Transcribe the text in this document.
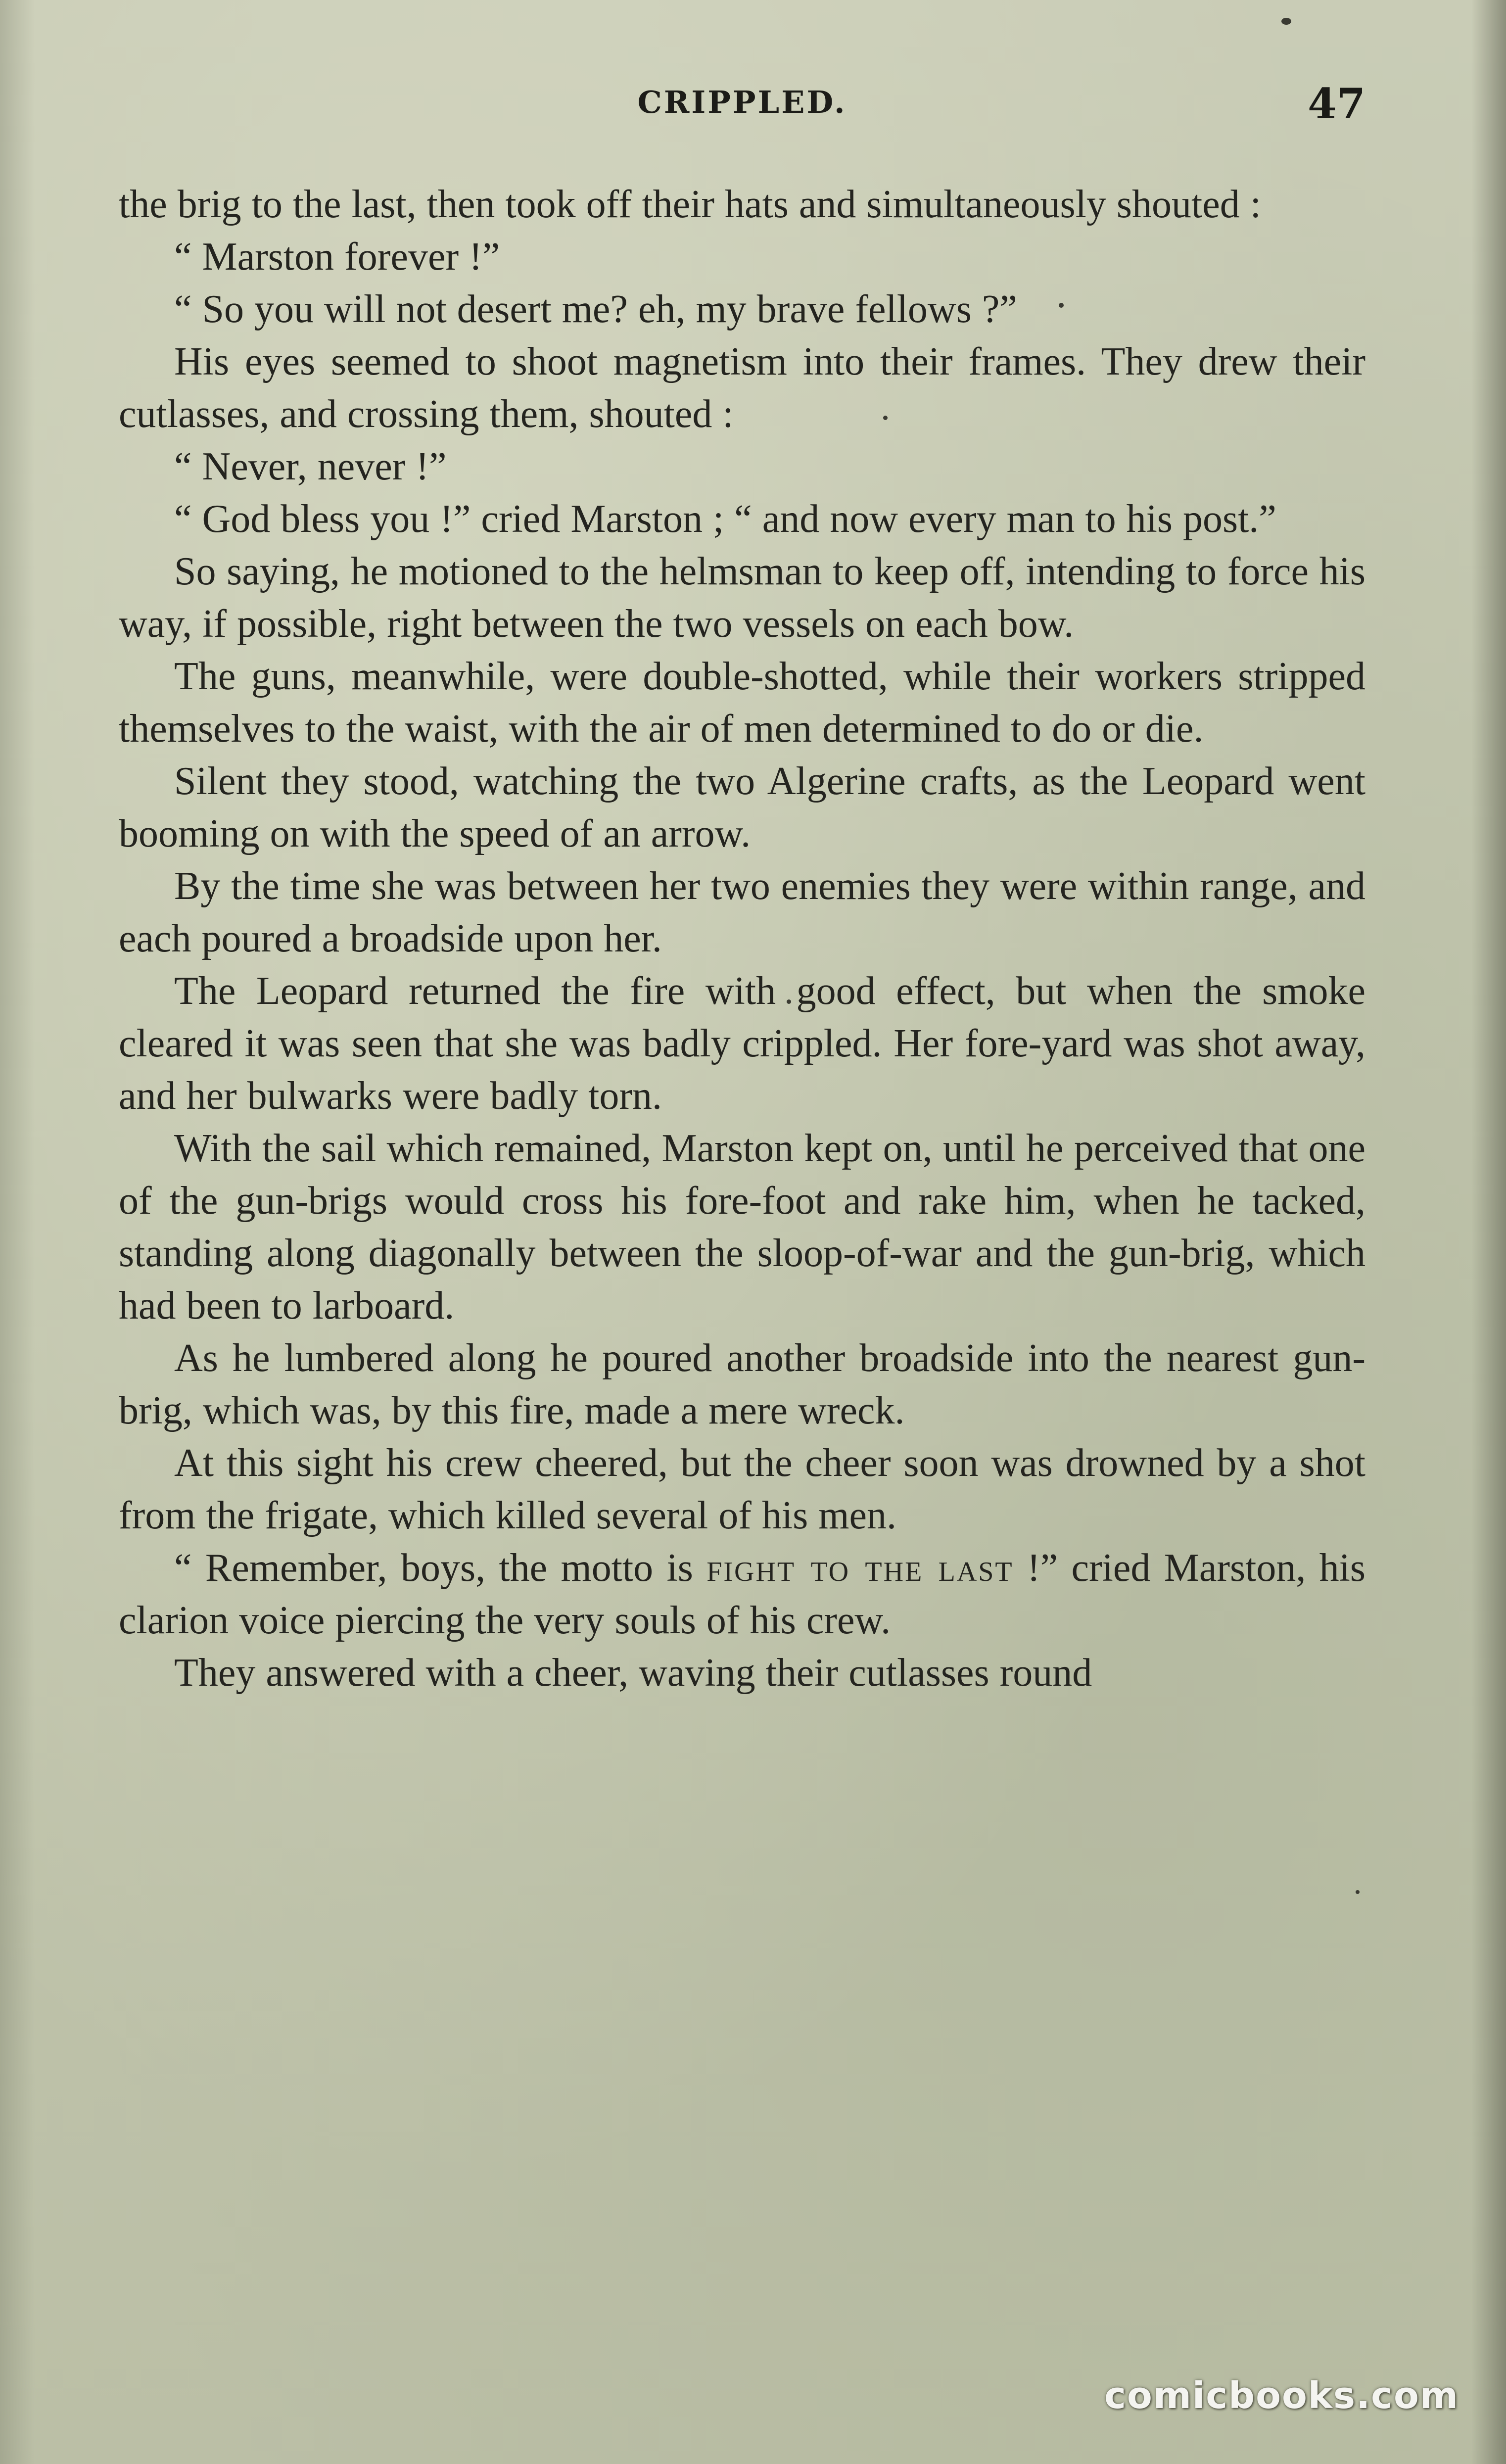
CRIPPLED.	47

the brig to the last, then took off their hats and simultaneously shouted :

“ Marston forever !”

“ So you will not desert me? eh, my brave fellows ?”

His eyes seemed to shoot magnetism into their frames. They drew their cutlasses, and crossing them, shouted :

“ Never, never !”

“ God bless you !” cried Marston ; “ and now every man to his post.”

So saying, he motioned to the helmsman to keep off, intending to force his way, if possible, right between the two vessels on each bow.

The guns, meanwhile, were double-shotted, while their workers stripped themselves to the waist, with the air of men determined to do or die.

Silent they stood, watching the two Algerine crafts, as the Leopard went booming on with the speed of an arrow.

By the time she was between her two enemies they were within range, and each poured a broadside upon her.

The Leopard returned the fire with good effect, but when the smoke cleared it was seen that she was badly crippled. Her fore-yard was shot away, and her bulwarks were badly torn.

With the sail which remained, Marston kept on, until he perceived that one of the gun-brigs would cross his fore-foot and rake him, when he tacked, standing along diagonally between the sloop-of-war and the gun-brig, which had been to larboard.

As he lumbered along he poured another broadside into the nearest gun-brig, which was, by this fire, made a mere wreck.

At this sight his crew cheered, but the cheer soon was drowned by a shot from the frigate, which killed several of his men.

“ Remember, boys, the motto is fight to the last !” cried Marston, his clarion voice piercing the very souls of his crew.

They answered with a cheer, waving their cutlasses round

comicbooks.com
